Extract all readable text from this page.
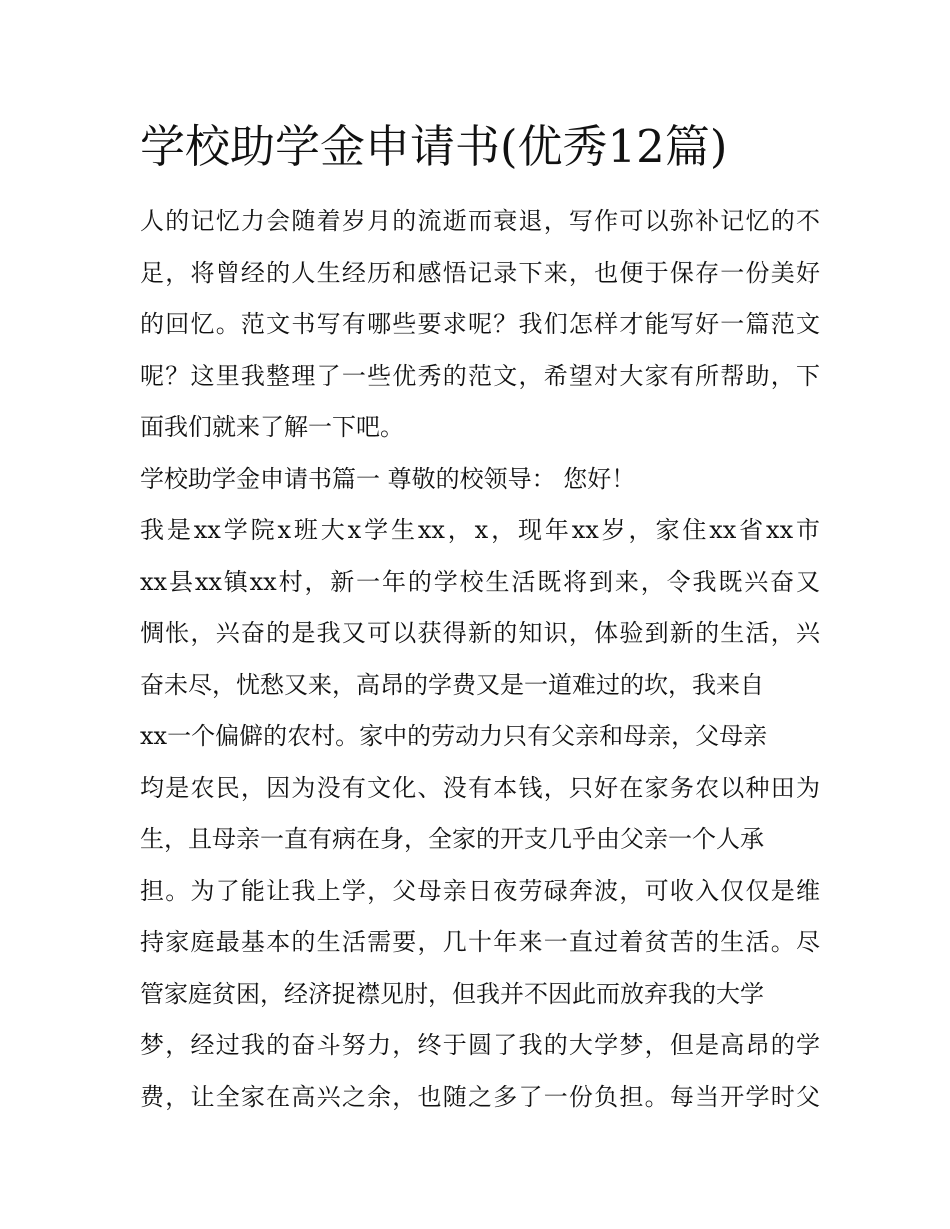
学校助学金申请书(优秀12篇)
人的记忆力会随着岁月的流逝而衰退，写作可以弥补记忆的不
足，将曾经的人生经历和感悟记录下来，也便于保存一份美好
的回忆。范文书写有哪些要求呢？我们怎样才能写好一篇范文
呢？这里我整理了一些优秀的范文，希望对大家有所帮助，下
面我们就来了解一下吧。
学校助学金申请书篇一 尊敬的校领导： 您好！
我是xx学院x班大x学生xx，x，现年xx岁，家住xx省xx市
xx县xx镇xx村，新一年的学校生活既将到来，令我既兴奋又
惆怅，兴奋的是我又可以获得新的知识，体验到新的生活，兴
奋未尽，忧愁又来，高昂的学费又是一道难过的坎，我来自
xx一个偏僻的农村。家中的劳动力只有父亲和母亲，父母亲
均是农民，因为没有文化、没有本钱，只好在家务农以种田为
生，且母亲一直有病在身，全家的开支几乎由父亲一个人承
担。为了能让我上学，父母亲日夜劳碌奔波，可收入仅仅是维
持家庭最基本的生活需要，几十年来一直过着贫苦的生活。尽
管家庭贫困，经济捉襟见肘，但我并不因此而放弃我的大学
梦，经过我的奋斗努力，终于圆了我的大学梦，但是高昂的学
费，让全家在高兴之余，也随之多了一份负担。每当开学时父
